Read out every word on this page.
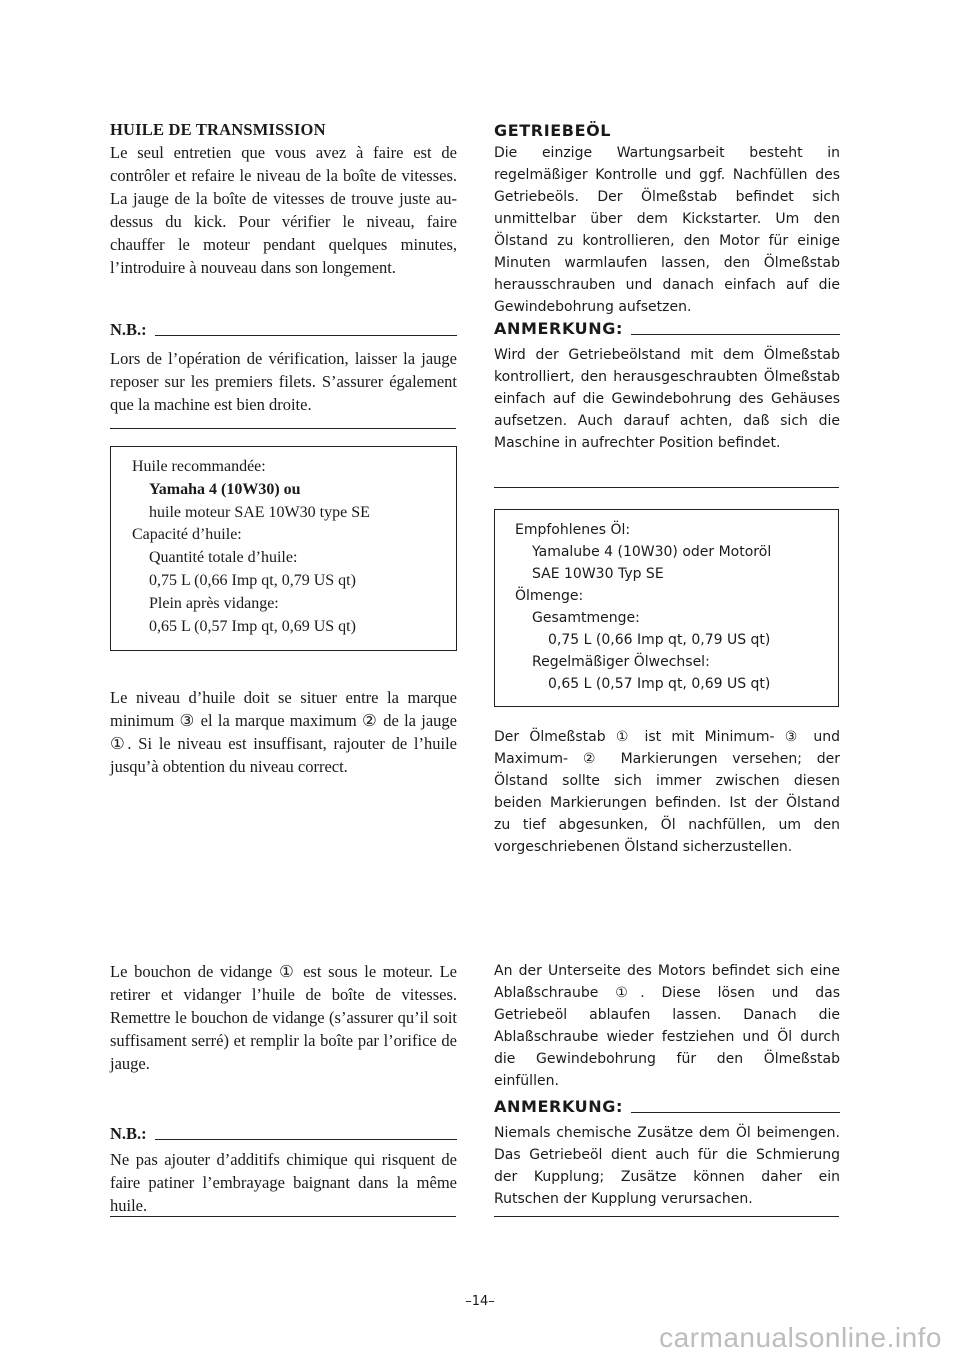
HUILE DE TRANSMISSION

Le seul entretien que vous avez à faire est de contrôler et refaire le niveau de la boîte de vitesses. La jauge de la boîte de vitesses de trouve juste au-dessus du kick. Pour vérifier le niveau, faire chauffer le moteur pendant quelques minutes, l’introduire à nouveau dans son longement.

N.B.:

Lors de l’opération de vérification, laisser la jauge reposer sur les premiers filets. S’assurer également que la machine est bien droite.

Huile recommandée:

Yamaha 4 (10W30) ou

huile moteur SAE 10W30 type SE

Capacité d’huile:

Quantité totale d’huile:

0,75 L (0,66 Imp qt, 0,79 US qt)

Plein après vidange:

0,65 L (0,57 Imp qt, 0,69 US qt)

Le niveau d’huile doit se situer entre la marque minimum ③ el la marque maximum ② de la jauge ①. Si le niveau est insuffisant, rajouter de l’huile jusqu’à obtention du niveau correct.

Le bouchon de vidange ① est sous le moteur. Le retirer et vidanger l’huile de boîte de vitesses. Remettre le bouchon de vidange (s’assurer qu’il soit suffisament serré) et remplir la boîte par l’orifice de jauge.

N.B.:

Ne pas ajouter d’additifs chimique qui risquent de faire patiner l’embrayage baignant dans la même huile.

GETRIEBEÖL

Die einzige Wartungsarbeit besteht in regelmäßiger Kontrolle und ggf. Nachfüllen des Getriebeöls. Der Ölmeßstab befindet sich unmittelbar über dem Kickstarter. Um den Ölstand zu kontrollieren, den Motor für einige Minuten warmlaufen lassen, den Ölmeßstab herausschrauben und danach einfach auf die Gewindebohrung aufsetzen.

ANMERKUNG:

Wird der Getriebeölstand mit dem Ölmeßstab kontrolliert, den herausgeschraubten Ölmeßstab einfach auf die Gewindebohrung des Gehäuses aufsetzen. Auch darauf achten, daß sich die Maschine in aufrechter Position befindet.

Empfohlenes Öl:

Yamalube 4 (10W30) oder Motoröl

SAE 10W30 Typ SE

Ölmenge:

Gesamtmenge:

0,75 L (0,66 Imp qt, 0,79 US qt)

Regelmäßiger Ölwechsel:

0,65 L (0,57 Imp qt, 0,69 US qt)

Der Ölmeßstab ① ist mit Minimum- ③ und Maximum- ② Markierungen versehen; der Ölstand sollte sich immer zwischen diesen beiden Markierungen befinden. Ist der Ölstand zu tief abgesunken, Öl nachfüllen, um den vorgeschriebenen Ölstand sicherzustellen.

An der Unterseite des Motors befindet sich eine Ablaßschraube ①. Diese lösen und das Getriebeöl ablaufen lassen. Danach die Ablaßschraube wieder festziehen und Öl durch die Gewindebohrung für den Ölmeßstab einfüllen.

ANMERKUNG:

Niemals chemische Zusätze dem Öl beimengen. Das Getriebeöl dient auch für die Schmierung der Kupplung; Zusätze können daher ein Rutschen der Kupplung verursachen.

–14–
carmanualsonline.info
